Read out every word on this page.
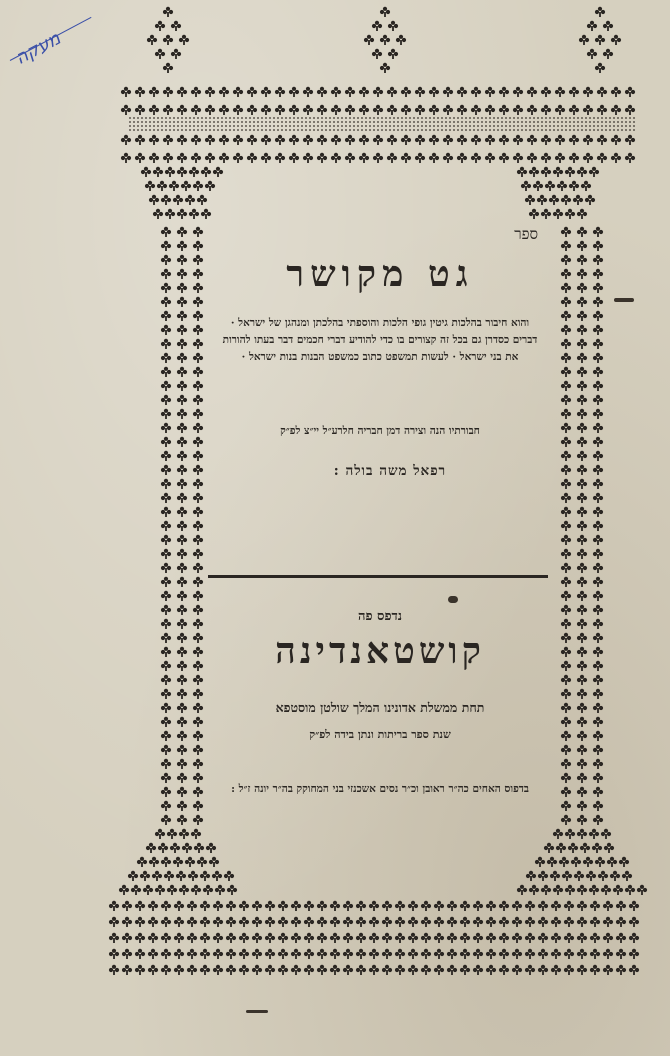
מעקה
ספר
גט מקושר
והוא חיבור בהלכות גיטין גופי הלכות והוספתי בהלכתן ומנהגן של ישראל · דברים כסדרן גם בכל זה קצורים בו כדי להודיע דברי חכמים דבר בעתו להורות את בני ישראל · לעשות תמשפט כתוב כמשפט הבנות בנות ישראל ·
חבורתיו הנה וצירה דמן חבריה חלרע״ל יי״צ לפ״ק
רפאל משה בולה :
נדפס פה
קושטאנדינה
תחת ממשלת אדונינו המלך שולטן מוסטפא
שנת ספר בריתות ונתן בידה לפ״ק
בדפוס האחים כה״ר ראובן וכ״ר נסים אשכנזי בני המחוקק בה״ר יונה ז״ל :
